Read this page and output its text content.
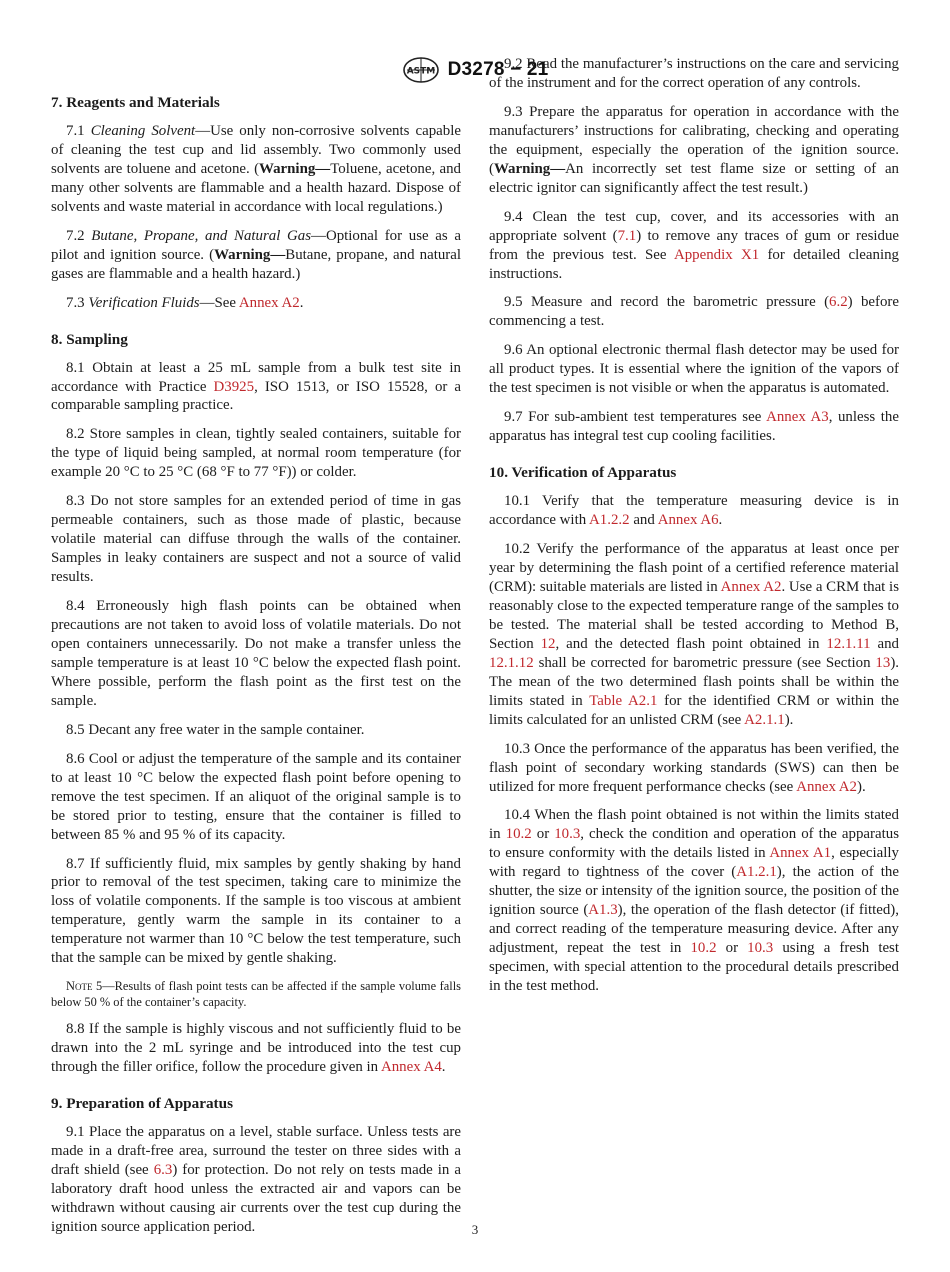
ASTM D3278 − 21
7. Reagents and Materials

7.1 Cleaning Solvent—Use only non-corrosive solvents capable of cleaning the test cup and lid assembly. Two commonly used solvents are toluene and acetone. (Warning—Toluene, acetone, and many other solvents are flammable and a health hazard. Dispose of solvents and waste material in accordance with local regulations.)

7.2 Butane, Propane, and Natural Gas—Optional for use as a pilot and ignition source. (Warning—Butane, propane, and natural gases are flammable and a health hazard.)

7.3 Verification Fluids—See Annex A2.

8. Sampling

8.1 Obtain at least a 25 mL sample from a bulk test site in accordance with Practice D3925, ISO 1513, or ISO 15528, or a comparable sampling practice.

8.2 Store samples in clean, tightly sealed containers, suitable for the type of liquid being sampled, at normal room temperature (for example 20 °C to 25 °C (68 °F to 77 °F)) or colder.

8.3 Do not store samples for an extended period of time in gas permeable containers, such as those made of plastic, because volatile material can diffuse through the walls of the container. Samples in leaky containers are suspect and not a source of valid results.

8.4 Erroneously high flash points can be obtained when precautions are not taken to avoid loss of volatile materials. Do not open containers unnecessarily. Do not make a transfer unless the sample temperature is at least 10 °C below the expected flash point. Where possible, perform the flash point as the first test on the sample.

8.5 Decant any free water in the sample container.

8.6 Cool or adjust the temperature of the sample and its container to at least 10 °C below the expected flash point before opening to remove the test specimen. If an aliquot of the original sample is to be stored prior to testing, ensure that the container is filled to between 85 % and 95 % of its capacity.

8.7 If sufficiently fluid, mix samples by gently shaking by hand prior to removal of the test specimen, taking care to minimize the loss of volatile components. If the sample is too viscous at ambient temperature, gently warm the sample in its container to a temperature not warmer than 10 °C below the test temperature, such that the sample can be mixed by gentle shaking.

Note 5—Results of flash point tests can be affected if the sample volume falls below 50 % of the container’s capacity.

8.8 If the sample is highly viscous and not sufficiently fluid to be drawn into the 2 mL syringe and be introduced into the test cup through the filler orifice, follow the procedure given in Annex A4.

9. Preparation of Apparatus

9.1 Place the apparatus on a level, stable surface. Unless tests are made in a draft-free area, surround the tester on three sides with a draft shield (see 6.3) for protection. Do not rely on tests made in a laboratory draft hood unless the extracted air and vapors can be withdrawn without causing air currents over the test cup during the ignition source application period.

9.2 Read the manufacturer’s instructions on the care and servicing of the instrument and for the correct operation of any controls.

9.3 Prepare the apparatus for operation in accordance with the manufacturers’ instructions for calibrating, checking and operating the equipment, especially the operation of the ignition source. (Warning—An incorrectly set test flame size or setting of an electric ignitor can significantly affect the test result.)

9.4 Clean the test cup, cover, and its accessories with an appropriate solvent (7.1) to remove any traces of gum or residue from the previous test. See Appendix X1 for detailed cleaning instructions.

9.5 Measure and record the barometric pressure (6.2) before commencing a test.

9.6 An optional electronic thermal flash detector may be used for all product types. It is essential where the ignition of the vapors of the test specimen is not visible or when the apparatus is automated.

9.7 For sub-ambient test temperatures see Annex A3, unless the apparatus has integral test cup cooling facilities.

10. Verification of Apparatus

10.1 Verify that the temperature measuring device is in accordance with A1.2.2 and Annex A6.

10.2 Verify the performance of the apparatus at least once per year by determining the flash point of a certified reference material (CRM): suitable materials are listed in Annex A2. Use a CRM that is reasonably close to the expected temperature range of the samples to be tested. The material shall be tested according to Method B, Section 12, and the detected flash point obtained in 12.1.11 and 12.1.12 shall be corrected for barometric pressure (see Section 13). The mean of the two determined flash points shall be within the limits stated in Table A2.1 for the identified CRM or within the limits calculated for an unlisted CRM (see A2.1.1).

10.3 Once the performance of the apparatus has been verified, the flash point of secondary working standards (SWS) can then be utilized for more frequent performance checks (see Annex A2).

10.4 When the flash point obtained is not within the limits stated in 10.2 or 10.3, check the condition and operation of the apparatus to ensure conformity with the details listed in Annex A1, especially with regard to tightness of the cover (A1.2.1), the action of the shutter, the size or intensity of the ignition source, the position of the ignition source (A1.3), the operation of the flash detector (if fitted), and correct reading of the temperature measuring device. After any adjustment, repeat the test in 10.2 or 10.3 using a fresh test specimen, with special attention to the procedural details prescribed in the test method.

3
